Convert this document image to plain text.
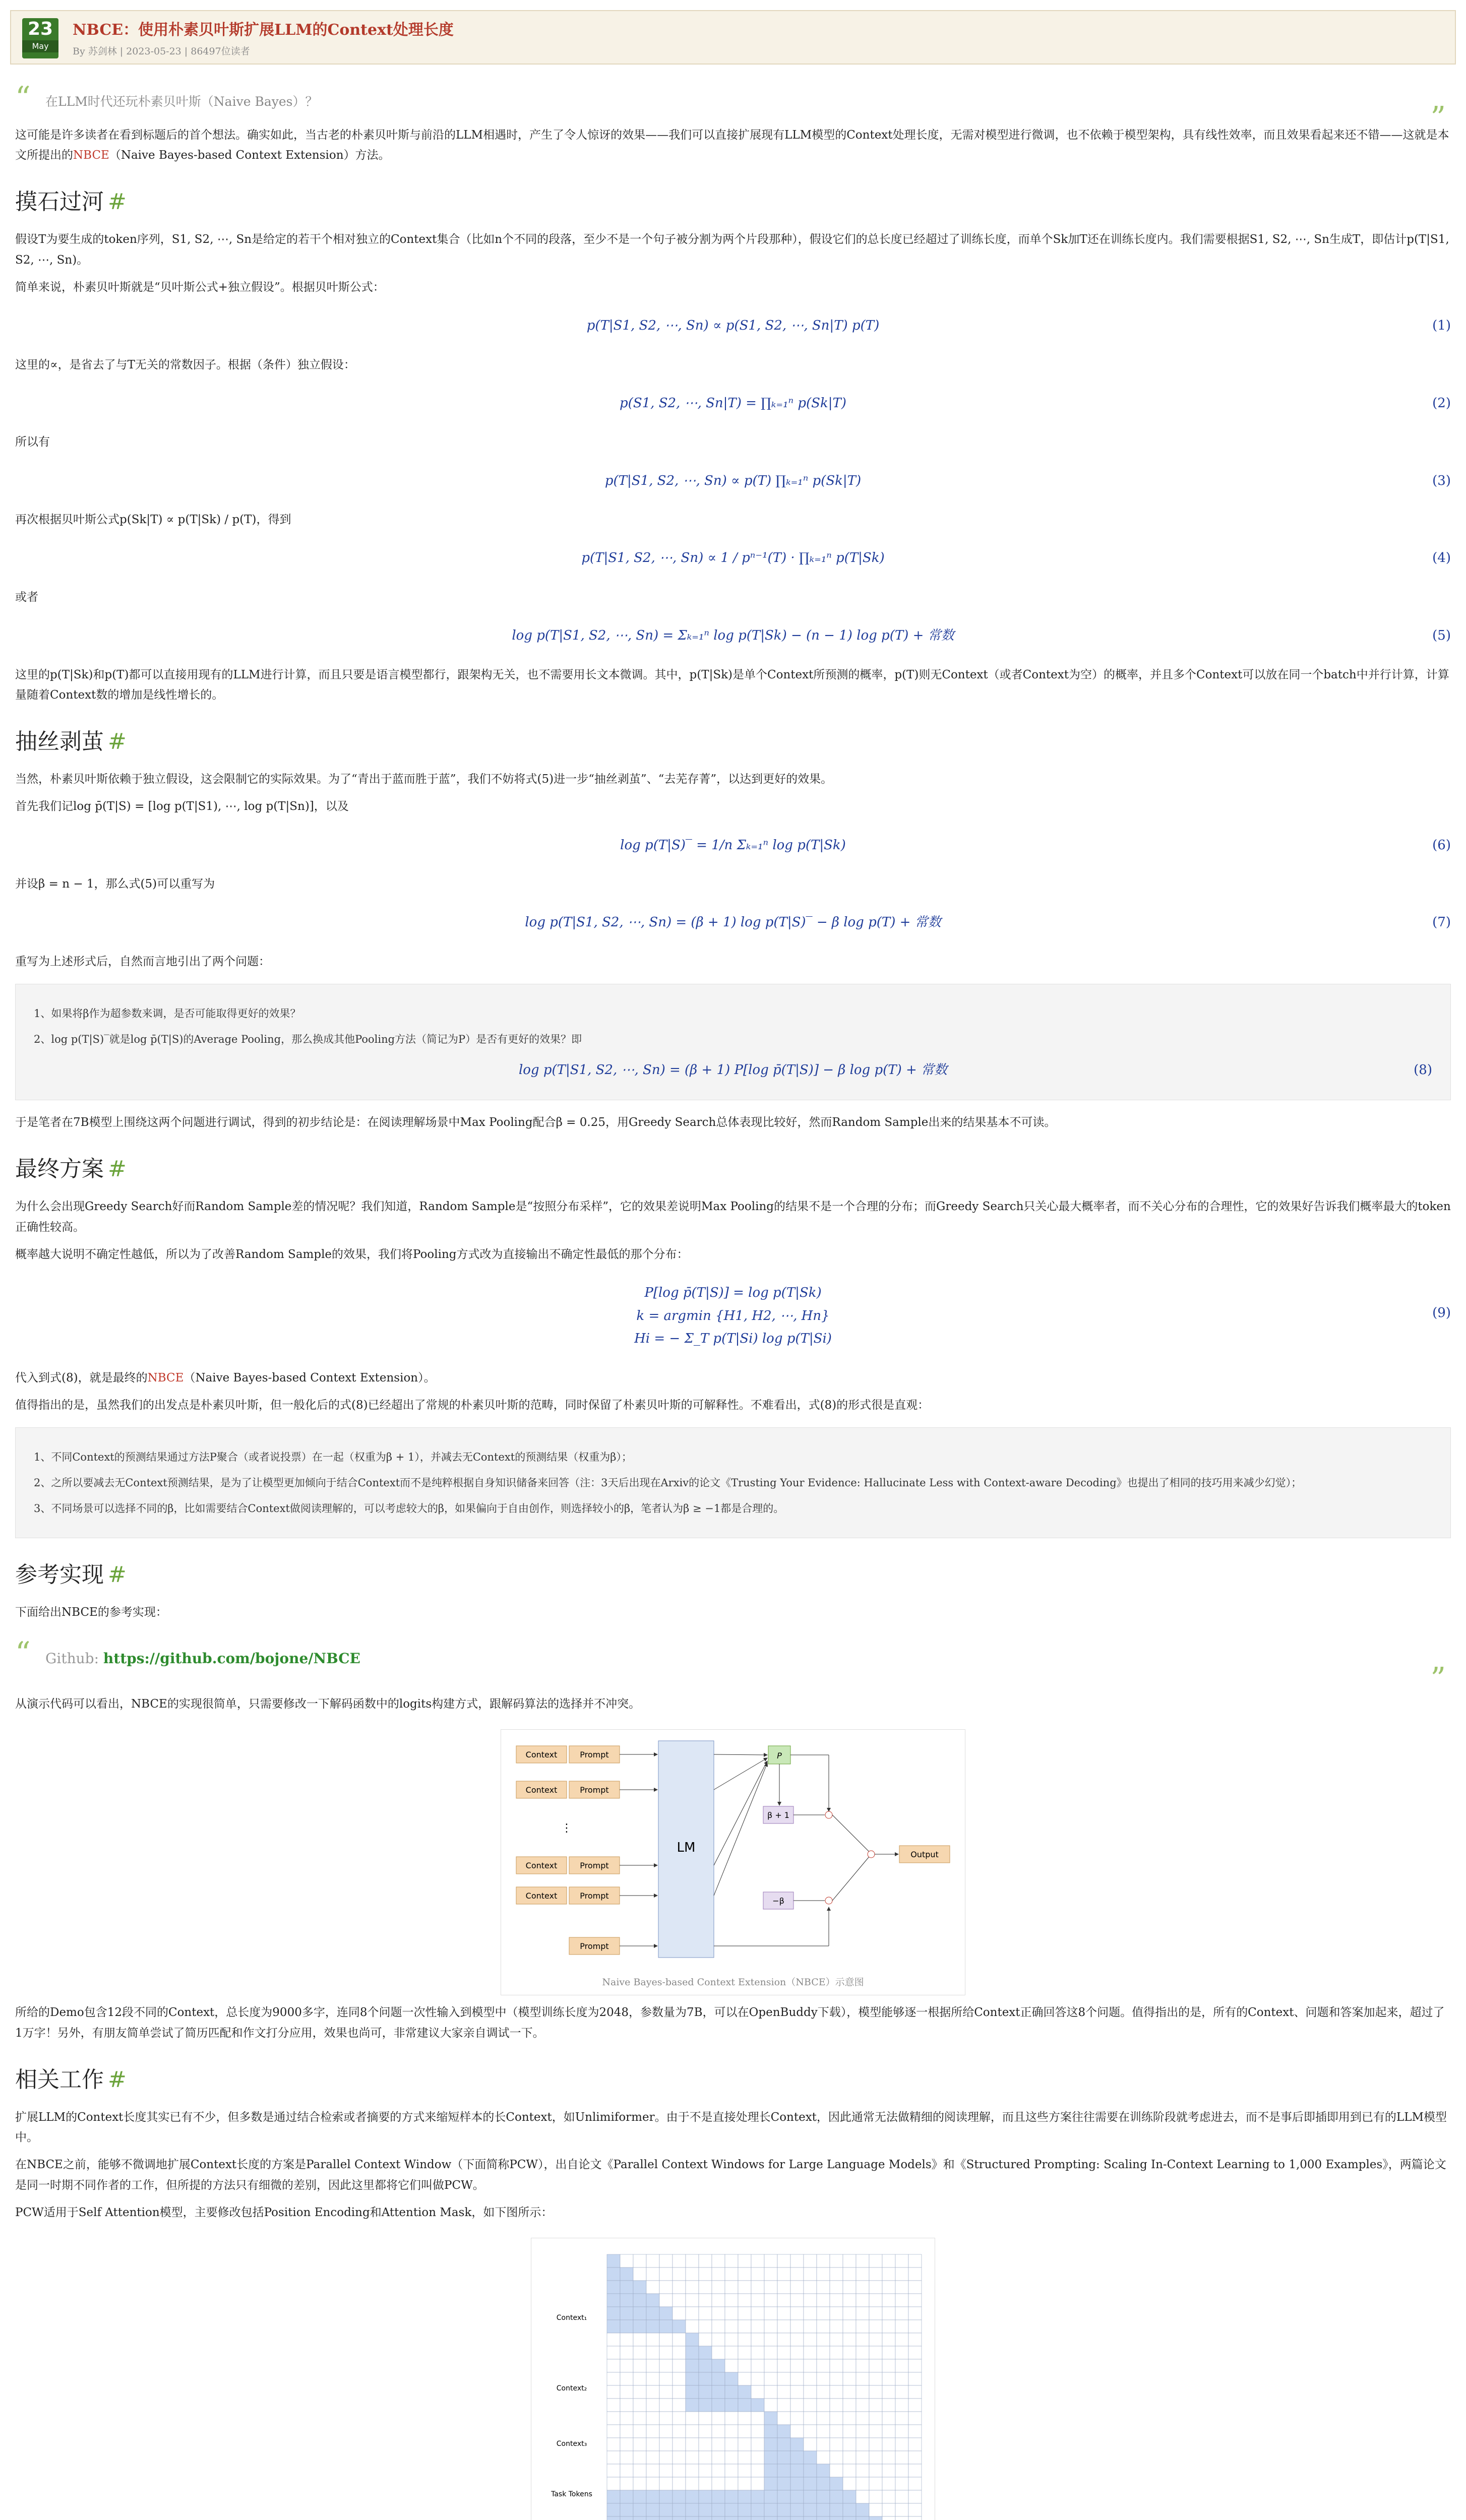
23
May
NBCE：使用朴素贝叶斯扩展LLM的Context处理长度
By 苏剑林 | 2023-05-23 | 86497位读者
“ 在LLM时代还玩朴素贝叶斯（Naive Bayes）？	”

这可能是许多读者在看到标题后的首个想法。确实如此，当古老的朴素贝叶斯与前沿的LLM相遇时，产生了令人惊讶的效果——我们可以直接扩展现有LLM模型的Context处理长度，无需对模型进行微调，也不依赖于模型架构，具有线性效率，而且效果看起来还不错——这就是本文所提出的NBCE（Naive Bayes-based Context Extension）方法。

摸石过河 #

假设T为要生成的token序列，S1, S2, ⋯, Sn是给定的若干个相对独立的Context集合（比如n个不同的段落，至少不是一个句子被分割为两个片段那种），假设它们的总长度已经超过了训练长度，而单个Sk加T还在训练长度内。我们需要根据S1, S2, ⋯, Sn生成T，即估计p(T|S1, S2, ⋯, Sn)。

简单来说，朴素贝叶斯就是“贝叶斯公式+独立假设”。根据贝叶斯公式：

p(T|S1, S2, ⋯, Sn) ∝ p(S1, S2, ⋯, Sn|T) p(T)	(1)

这里的∝，是省去了与T无关的常数因子。根据（条件）独立假设：

p(S1, S2, ⋯, Sn|T) = ∏ₖ₌₁ⁿ p(Sk|T)	(2)

所以有

p(T|S1, S2, ⋯, Sn) ∝ p(T) ∏ₖ₌₁ⁿ p(Sk|T)	(3)

再次根据贝叶斯公式p(Sk|T) ∝ p(T|Sk) / p(T)，得到

p(T|S1, S2, ⋯, Sn) ∝ 1 / pⁿ⁻¹(T) · ∏ₖ₌₁ⁿ p(T|Sk)	(4)

或者

log p(T|S1, S2, ⋯, Sn) = Σₖ₌₁ⁿ log p(T|Sk) − (n − 1) log p(T) + 常数	(5)

这里的p(T|Sk)和p(T)都可以直接用现有的LLM进行计算，而且只要是语言模型都行，跟架构无关，也不需要用长文本微调。其中，p(T|Sk)是单个Context所预测的概率，p(T)则无Context（或者Context为空）的概率，并且多个Context可以放在同一个batch中并行计算，计算量随着Context数的增加是线性增长的。

抽丝剥茧 #

当然，朴素贝叶斯依赖于独立假设，这会限制它的实际效果。为了“青出于蓝而胜于蓝”，我们不妨将式(5)进一步“抽丝剥茧”、“去芜存菁”，以达到更好的效果。

首先我们记log p̄(T|S) = [log p(T|S1), ⋯, log p(T|Sn)]，以及

log p(T|S)‾ = 1/n Σₖ₌₁ⁿ log p(T|Sk)	(6)

并设β = n − 1，那么式(5)可以重写为

log p(T|S1, S2, ⋯, Sn) = (β + 1) log p(T|S)‾ − β log p(T) + 常数	(7)

重写为上述形式后，自然而言地引出了两个问题：

1、如果将β作为超参数来调，是否可能取得更好的效果？
2、log p(T|S)‾就是log p̄(T|S)的Average Pooling，那么换成其他Pooling方法（简记为P）是否有更好的效果？即
log p(T|S1, S2, ⋯, Sn) = (β + 1) P[log p̄(T|S)] − β log p(T) + 常数	(8)

于是笔者在7B模型上围绕这两个问题进行调试，得到的初步结论是：在阅读理解场景中Max Pooling配合β = 0.25，用Greedy Search总体表现比较好，然而Random Sample出来的结果基本不可读。

最终方案 #

为什么会出现Greedy Search好而Random Sample差的情况呢？我们知道，Random Sample是“按照分布采样”，它的效果差说明Max Pooling的结果不是一个合理的分布；而Greedy Search只关心最大概率者，而不关心分布的合理性，它的效果好告诉我们概率最大的token正确性较高。

概率越大说明不确定性越低，所以为了改善Random Sample的效果，我们将Pooling方式改为直接输出不确定性最低的那个分布：

P[log p̄(T|S)] = log p(T|Sk)
k = argmin {H1, H2, ⋯, Hn}
Hi = − Σ_T p(T|Si) log p(T|Si)
(9)

代入到式(8)，就是最终的NBCE（Naive Bayes-based Context Extension）。

值得指出的是，虽然我们的出发点是朴素贝叶斯，但一般化后的式(8)已经超出了常规的朴素贝叶斯的范畴，同时保留了朴素贝叶斯的可解释性。不难看出，式(8)的形式很是直观：

1、不同Context的预测结果通过方法P聚合（或者说投票）在一起（权重为β + 1），并减去无Context的预测结果（权重为β）；
2、之所以要减去无Context预测结果，是为了让模型更加倾向于结合Context而不是纯粹根据自身知识储备来回答（注：3天后出现在Arxiv的论文《Trusting Your Evidence: Hallucinate Less with Context-aware Decoding》也提出了相同的技巧用来减少幻觉）；
3、不同场景可以选择不同的β，比如需要结合Context做阅读理解的，可以考虑较大的β，如果偏向于自由创作，则选择较小的β，笔者认为β ≥ −1都是合理的。
参考实现 #

下面给出NBCE的参考实现：

“ Github: https://github.com/bojone/NBCE
”

从演示代码可以看出，NBCE的实现很简单，只需要修改一下解码函数中的logits构建方式，跟解码算法的选择并不冲突。

Context	Prompt
Context	Prompt
⋮
Context	Prompt
Context	Prompt
Prompt
LM
P
β + 1
−β
Output
Naive Bayes-based Context Extension（NBCE）示意图

所给的Demo包含12段不同的Context，总长度为9000多字，连同8个问题一次性输入到模型中（模型训练长度为2048，参数量为7B，可以在OpenBuddy下载），模型能够逐一根据所给Context正确回答这8个问题。值得指出的是，所有的Context、问题和答案加起来，超过了1万字！另外，有朋友简单尝试了简历匹配和作文打分应用，效果也尚可，非常建议大家亲自调试一下。

相关工作 #

扩展LLM的Context长度其实已有不少，但多数是通过结合检索或者摘要的方式来缩短样本的长Context，如Unlimiformer。由于不是直接处理长Context，因此通常无法做精细的阅读理解，而且这些方案往往需要在训练阶段就考虑进去，而不是事后即插即用到已有的LLM模型中。

在NBCE之前，能够不微调地扩展Context长度的方案是Parallel Context Window（下面简称PCW），出自论文《Parallel Context Windows for Large Language Models》和《Structured Prompting: Scaling In-Context Learning to 1,000 Examples》，两篇论文是同一时期不同作者的工作，但所提的方法只有细微的差别，因此这里都将它们叫做PCW。

PCW适用于Self Attention模型，主要修改包括Position Encoding和Attention Mask，如下图所示：

Context₁
Context₂
Context₃
Task Tokens
